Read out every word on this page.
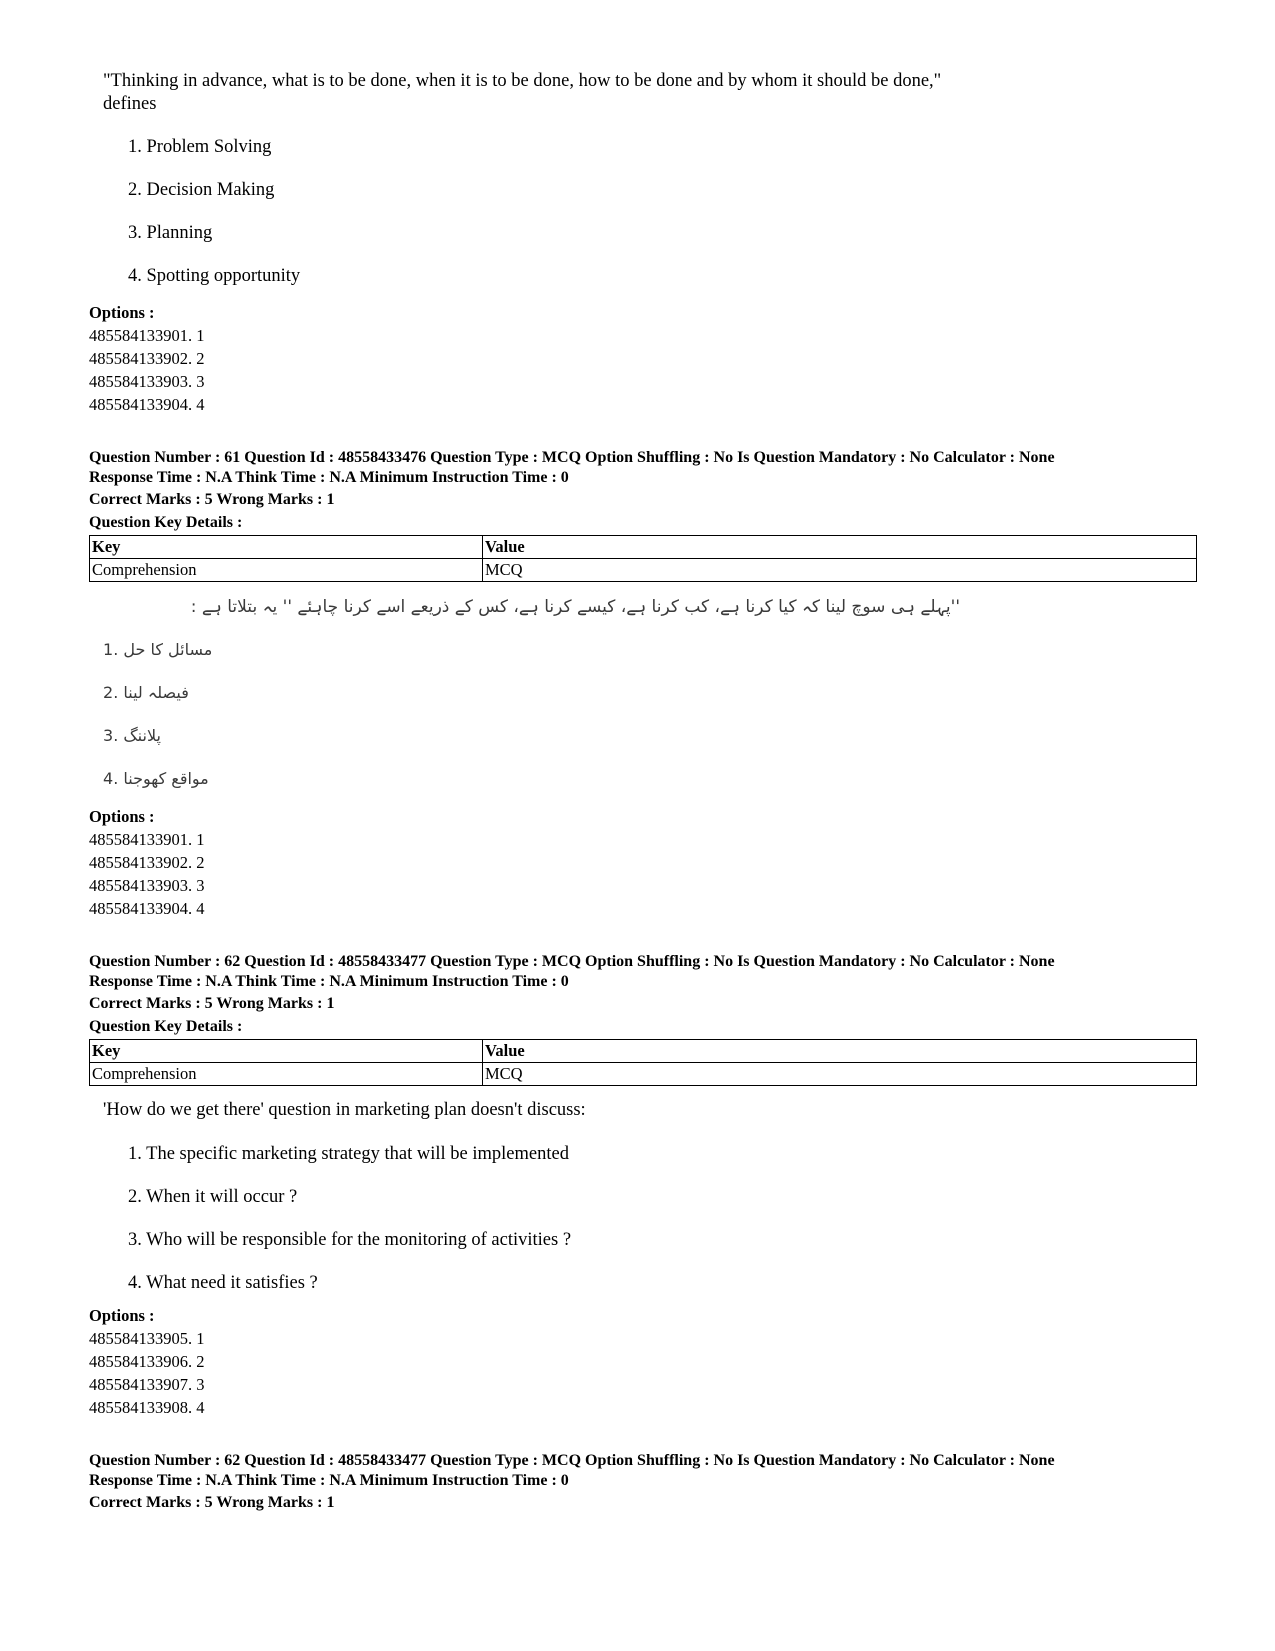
"Thinking in advance, what is to be done, when it is to be done, how to be done and by whom it should be done," defines
1. Problem Solving
2. Decision Making
3. Planning
4. Spotting opportunity
Options :
485584133901. 1
485584133902. 2
485584133903. 3
485584133904. 4
Question Number : 61 Question Id : 48558433476 Question Type : MCQ Option Shuffling : No Is Question Mandatory : No Calculator : None
Response Time : N.A Think Time : N.A Minimum Instruction Time : 0
Correct Marks : 5 Wrong Marks : 1
Question Key Details :
Key	Value
Comprehension	MCQ
''پہلے ہی سوچ لینا کہ کیا کرنا ہے، کب کرنا ہے، کیسے کرنا ہے، کس کے ذریعے اسے کرنا چاہئے '' یہ بتلاتا ہے :
مسائل کا حل .1
فیصلہ لینا .2
پلاننگ .3
مواقع کھوجنا .4
Options :
485584133901. 1
485584133902. 2
485584133903. 3
485584133904. 4
Question Number : 62 Question Id : 48558433477 Question Type : MCQ Option Shuffling : No Is Question Mandatory : No Calculator : None
Response Time : N.A Think Time : N.A Minimum Instruction Time : 0
Correct Marks : 5 Wrong Marks : 1
Question Key Details :
Key	Value
Comprehension	MCQ
'How do we get there' question in marketing plan doesn't discuss:
1. The specific marketing strategy that will be implemented
2. When it will occur ?
3. Who will be responsible for the monitoring of activities ?
4. What need it satisfies ?
Options :
485584133905. 1
485584133906. 2
485584133907. 3
485584133908. 4
Question Number : 62 Question Id : 48558433477 Question Type : MCQ Option Shuffling : No Is Question Mandatory : No Calculator : None
Response Time : N.A Think Time : N.A Minimum Instruction Time : 0
Correct Marks : 5 Wrong Marks : 1
